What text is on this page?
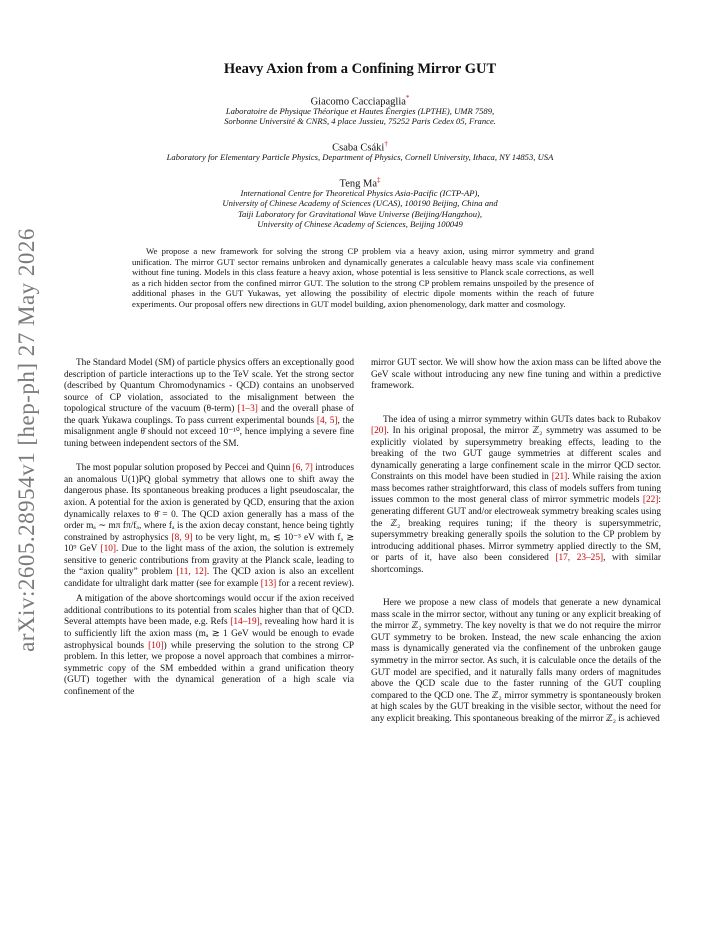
arXiv:2605.28954v1 [hep-ph] 27 May 2026
Heavy Axion from a Confining Mirror GUT
Giacomo Cacciapaglia*
Laboratoire de Physique Théorique et Hautes Énergies (LPTHE), UMR 7589,
Sorbonne Université & CNRS, 4 place Jussieu, 75252 Paris Cedex 05, France.
Csaba Csáki†
Laboratory for Elementary Particle Physics, Department of Physics, Cornell University, Ithaca, NY 14853, USA
Teng Ma‡
International Centre for Theoretical Physics Asia-Pacific (ICTP-AP),
University of Chinese Academy of Sciences (UCAS), 100190 Beijing, China and
Taiji Laboratory for Gravitational Wave Universe (Beijing/Hangzhou),
University of Chinese Academy of Sciences, Beijing 100049
We propose a new framework for solving the strong CP problem via a heavy axion, using mirror symmetry and grand unification. The mirror GUT sector remains unbroken and dynamically generates a calculable heavy mass scale via confinement without fine tuning. Models in this class feature a heavy axion, whose potential is less sensitive to Planck scale corrections, as well as a rich hidden sector from the confined mirror GUT. The solution to the strong CP problem remains unspoiled by the presence of additional phases in the GUT Yukawas, yet allowing the possibility of electric dipole moments within the reach of future experiments. Our proposal offers new directions in GUT model building, axion phenomenology, dark matter and cosmology.

The Standard Model (SM) of particle physics offers an exceptionally good description of particle interactions up to the TeV scale. Yet the strong sector (described by Quantum Chromodynamics - QCD) contains an unobserved source of CP violation, associated to the misalignment between the topological structure of the vacuum (θ-term) [1–3] and the overall phase of the quark Yukawa couplings. To pass current experimental bounds [4, 5], the misalignment angle θ̄ should not exceed 10⁻¹⁰, hence implying a severe fine tuning between independent sectors of the SM.

The most popular solution proposed by Peccei and Quinn [6, 7] introduces an anomalous U(1)PQ global symmetry that allows one to shift away the dangerous phase. Its spontaneous breaking produces a light pseudoscalar, the axion. A potential for the axion is generated by QCD, ensuring that the axion dynamically relaxes to θ̄ = 0. The QCD axion generally has a mass of the order mₐ ∼ mπ fπ/fₐ, where fₐ is the axion decay constant, hence being tightly constrained by astrophysics [8, 9] to be very light, mₐ ≲ 10⁻³ eV with fₐ ≳ 10⁹ GeV [10]. Due to the light mass of the axion, the solution is extremely sensitive to generic contributions from gravity at the Planck scale, leading to the “axion quality” problem [11, 12]. The QCD axion is also an excellent candidate for ultralight dark matter (see for example [13] for a recent review).

A mitigation of the above shortcomings would occur if the axion received additional contributions to its potential from scales higher than that of QCD. Several attempts have been made, e.g. Refs [14–19], revealing how hard it is to sufficiently lift the axion mass (mₐ ≳ 1 GeV would be enough to evade astrophysical bounds [10]) while preserving the solution to the strong CP problem. In this letter, we propose a novel approach that combines a mirror-symmetric copy of the SM embedded within a grand unification theory (GUT) together with the dynamical generation of a high scale via confinement of the

mirror GUT sector. We will show how the axion mass can be lifted above the GeV scale without introducing any new fine tuning and within a predictive framework.

The idea of using a mirror symmetry within GUTs dates back to Rubakov [20]. In his original proposal, the mirror ℤ₂ symmetry was assumed to be explicitly violated by supersymmetry breaking effects, leading to the breaking of the two GUT gauge symmetries at different scales and dynamically generating a large confinement scale in the mirror QCD sector. Constraints on this model have been studied in [21]. While raising the axion mass becomes rather straightforward, this class of models suffers from tuning issues common to the most general class of mirror symmetric models [22]: generating different GUT and/or electroweak symmetry breaking scales using the ℤ₂ breaking requires tuning; if the theory is supersymmetric, supersymmetry breaking generally spoils the solution to the CP problem by introducing additional phases. Mirror symmetry applied directly to the SM, or parts of it, have also been considered [17, 23–25], with similar shortcomings.

Here we propose a new class of models that generate a new dynamical mass scale in the mirror sector, without any tuning or any explicit breaking of the mirror ℤ₂ symmetry. The key novelty is that we do not require the mirror GUT symmetry to be broken. Instead, the new scale enhancing the axion mass is dynamically generated via the confinement of the unbroken gauge symmetry in the mirror sector. As such, it is calculable once the details of the GUT model are specified, and it naturally falls many orders of magnitudes above the QCD scale due to the faster running of the GUT coupling compared to the QCD one. The ℤ₂ mirror symmetry is spontaneously broken at high scales by the GUT breaking in the visible sector, without the need for any explicit breaking. This spontaneous breaking of the mirror ℤ₂ is achieved
